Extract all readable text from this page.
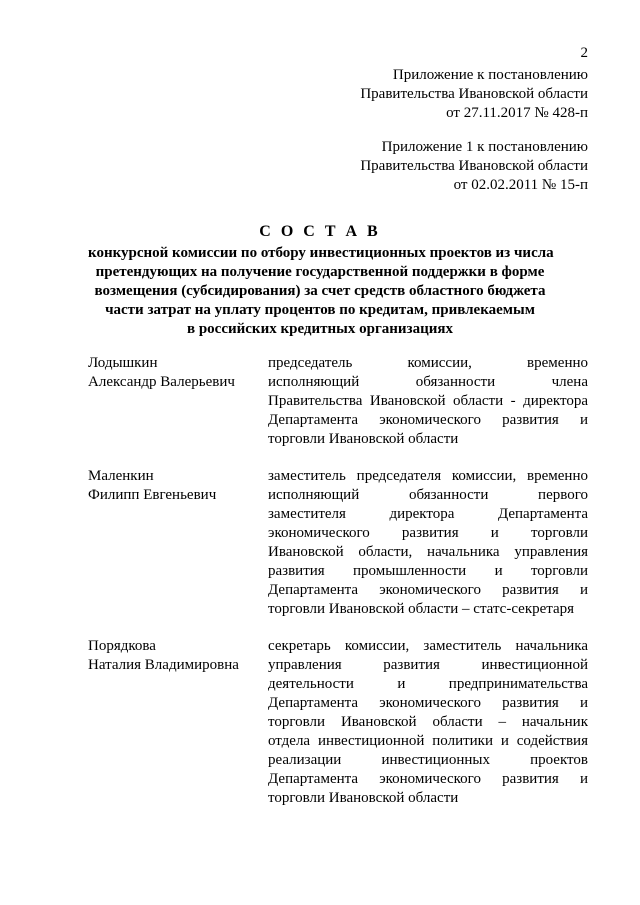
2
Приложение к постановлению
Правительства Ивановской области
от 27.11.2017 № 428-п
Приложение 1 к постановлению
Правительства Ивановской области
от 02.02.2011 № 15-п
С О С Т А В
конкурсной комиссии по отбору инвестиционных проектов из числа
претендующих на получение государственной поддержки в форме
возмещения (субсидирования) за счет средств областного бюджета
части затрат на уплату процентов по кредитам, привлекаемым
в российских кредитных организациях
Лодышкин
Александр Валерьевич
председатель комиссии, временно
исполняющий обязанности члена
Правительства Ивановской области - директора
Департамента экономического развития и
торговли Ивановской области
Маленкин
Филипп Евгеньевич
заместитель председателя комиссии, временно
исполняющий обязанности первого
заместителя директора Департамента
экономического развития и торговли
Ивановской области, начальника управления
развития промышленности и торговли
Департамента экономического развития и
торговли Ивановской области – статс-секретаря
Порядкова
Наталия Владимировна
секретарь комиссии, заместитель начальника
управления развития инвестиционной
деятельности и предпринимательства
Департамента экономического развития и
торговли Ивановской области – начальник
отдела инвестиционной политики и содействия
реализации инвестиционных проектов
Департамента экономического развития и
торговли Ивановской области
